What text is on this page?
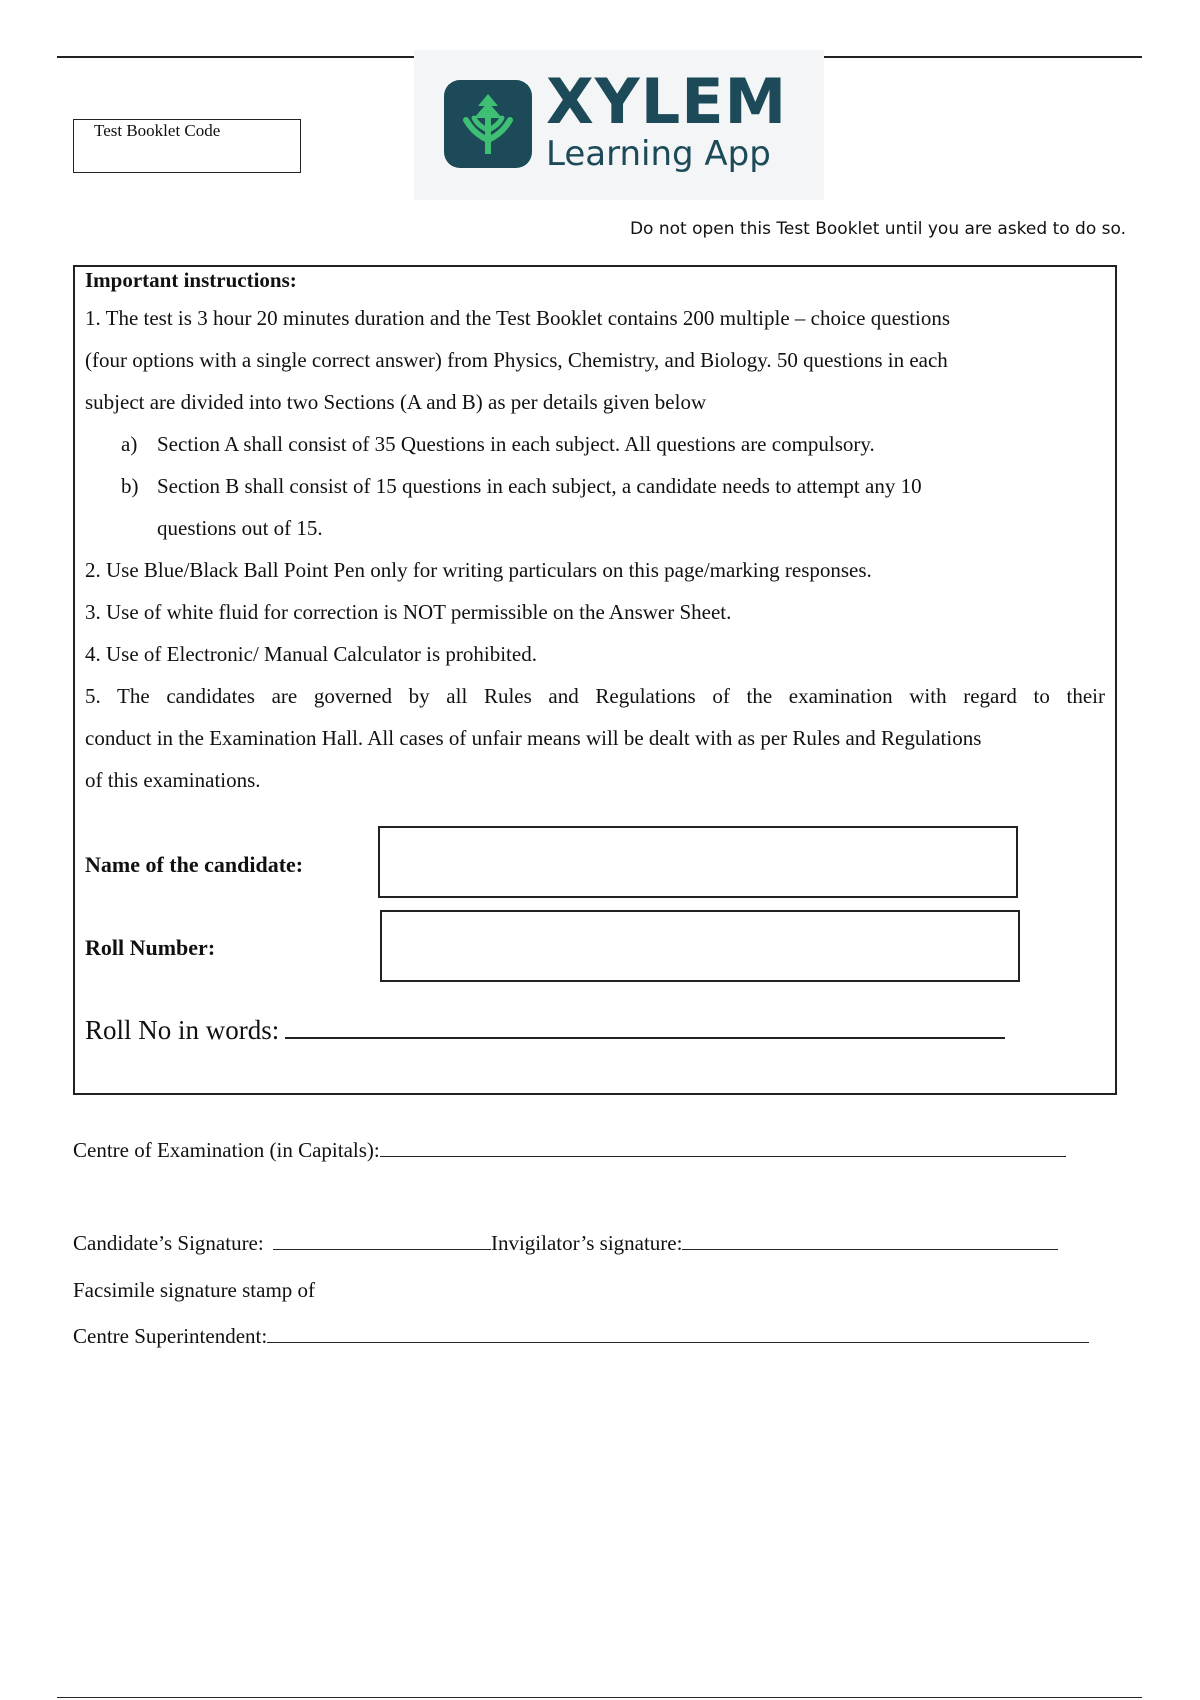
Test Booklet Code	XYLEM
Learning App
Do not open this Test Booklet until you are asked to do so.
Important instructions:
1. The test is 3 hour 20 minutes duration and the Test Booklet contains 200 multiple – choice questions
(four options with a single correct answer) from Physics, Chemistry, and Biology. 50 questions in each
subject are divided into two Sections (A and B) as per details given below
a) Section A shall consist of 35 Questions in each subject. All questions are compulsory.
b) Section B shall consist of 15 questions in each subject, a candidate needs to attempt any 10
questions out of 15.
2. Use Blue/Black Ball Point Pen only for writing particulars on this page/marking responses.
3. Use of white fluid for correction is NOT permissible on the Answer Sheet.
4. Use of Electronic/ Manual Calculator is prohibited.
5. The candidates are governed by all Rules and Regulations of the examination with regard to their
conduct in the Examination Hall. All cases of unfair means will be dealt with as per Rules and Regulations
of this examinations.
Name of the candidate:
Roll Number:
Roll No in words:
Centre of Examination (in Capitals):
Candidate’s Signature:	Invigilator’s signature:
Facsimile signature stamp of
Centre Superintendent:
